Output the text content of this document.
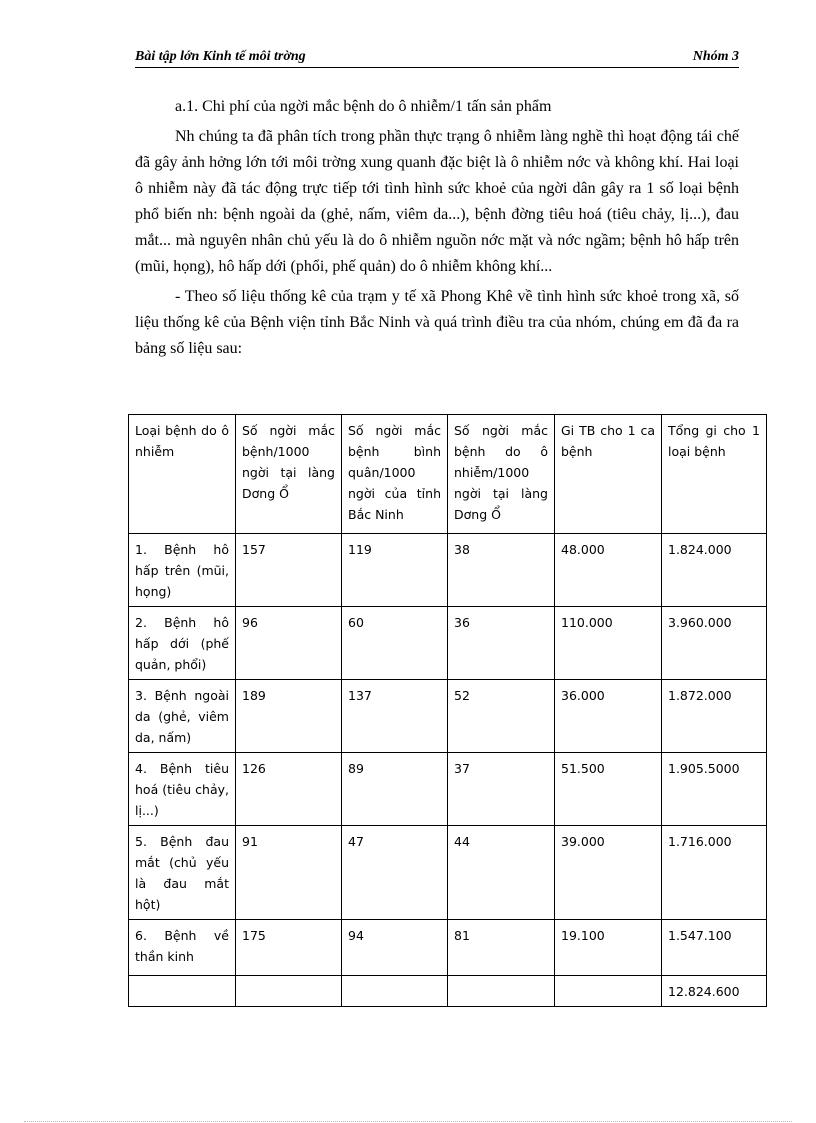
Bài tập lớn Kinh tế môi trờng	Nhóm 3

a.1. Chi phí của ngời mắc bệnh do ô nhiễm/1 tấn sản phẩm

Nh chúng ta đã phân tích trong phần thực trạng ô nhiễm làng nghề thì hoạt động tái chế đã gây ảnh hởng lớn tới môi trờng xung quanh đặc biệt là ô nhiễm nớc và không khí. Hai loại ô nhiễm này đã tác động trực tiếp tới tình hình sức khoẻ của ngời dân gây ra 1 số loại bệnh phổ biến nh: bệnh ngoài da (ghẻ, nấm, viêm da...), bệnh đờng tiêu hoá (tiêu chảy, lị...), đau mắt... mà nguyên nhân chủ yếu là do ô nhiễm nguồn nớc mặt và nớc ngầm; bệnh hô hấp trên (mũi, họng), hô hấp dới (phổi, phế quản) do ô nhiễm không khí...

- Theo số liệu thống kê của trạm y tế xã Phong Khê về tình hình sức khoẻ trong xã, số liệu thống kê của Bệnh viện tỉnh Bắc Ninh và quá trình điều tra của nhóm, chúng em đã đa ra bảng số liệu sau:

Loại bệnh do ô nhiễm	Số ngời mắc bệnh/1000 ngời tại làng Dơng Ổ	Số ngời mắc bệnh bình quân/1000 ngời của tỉnh Bắc Ninh	Số ngời mắc bệnh do ô nhiễm/1000 ngời tại làng Dơng Ổ	Gi TB cho 1 ca bệnh	Tổng gi cho 1 loại bệnh
1. Bệnh hô hấp trên (mũi, họng)	157	119	38	48.000	1.824.000
2. Bệnh hô hấp dới (phế quản, phổi)	96	60	36	110.000	3.960.000
3. Bệnh ngoài da (ghẻ, viêm da, nấm)	189	137	52	36.000	1.872.000
4. Bệnh tiêu hoá (tiêu chảy, lị...)	126	89	37	51.500	1.905.5000
5. Bệnh đau mắt (chủ yếu là đau mắt hột)	91	47	44	39.000	1.716.000
6. Bệnh về thần kinh	175	94	81	19.100	1.547.100
					12.824.600
